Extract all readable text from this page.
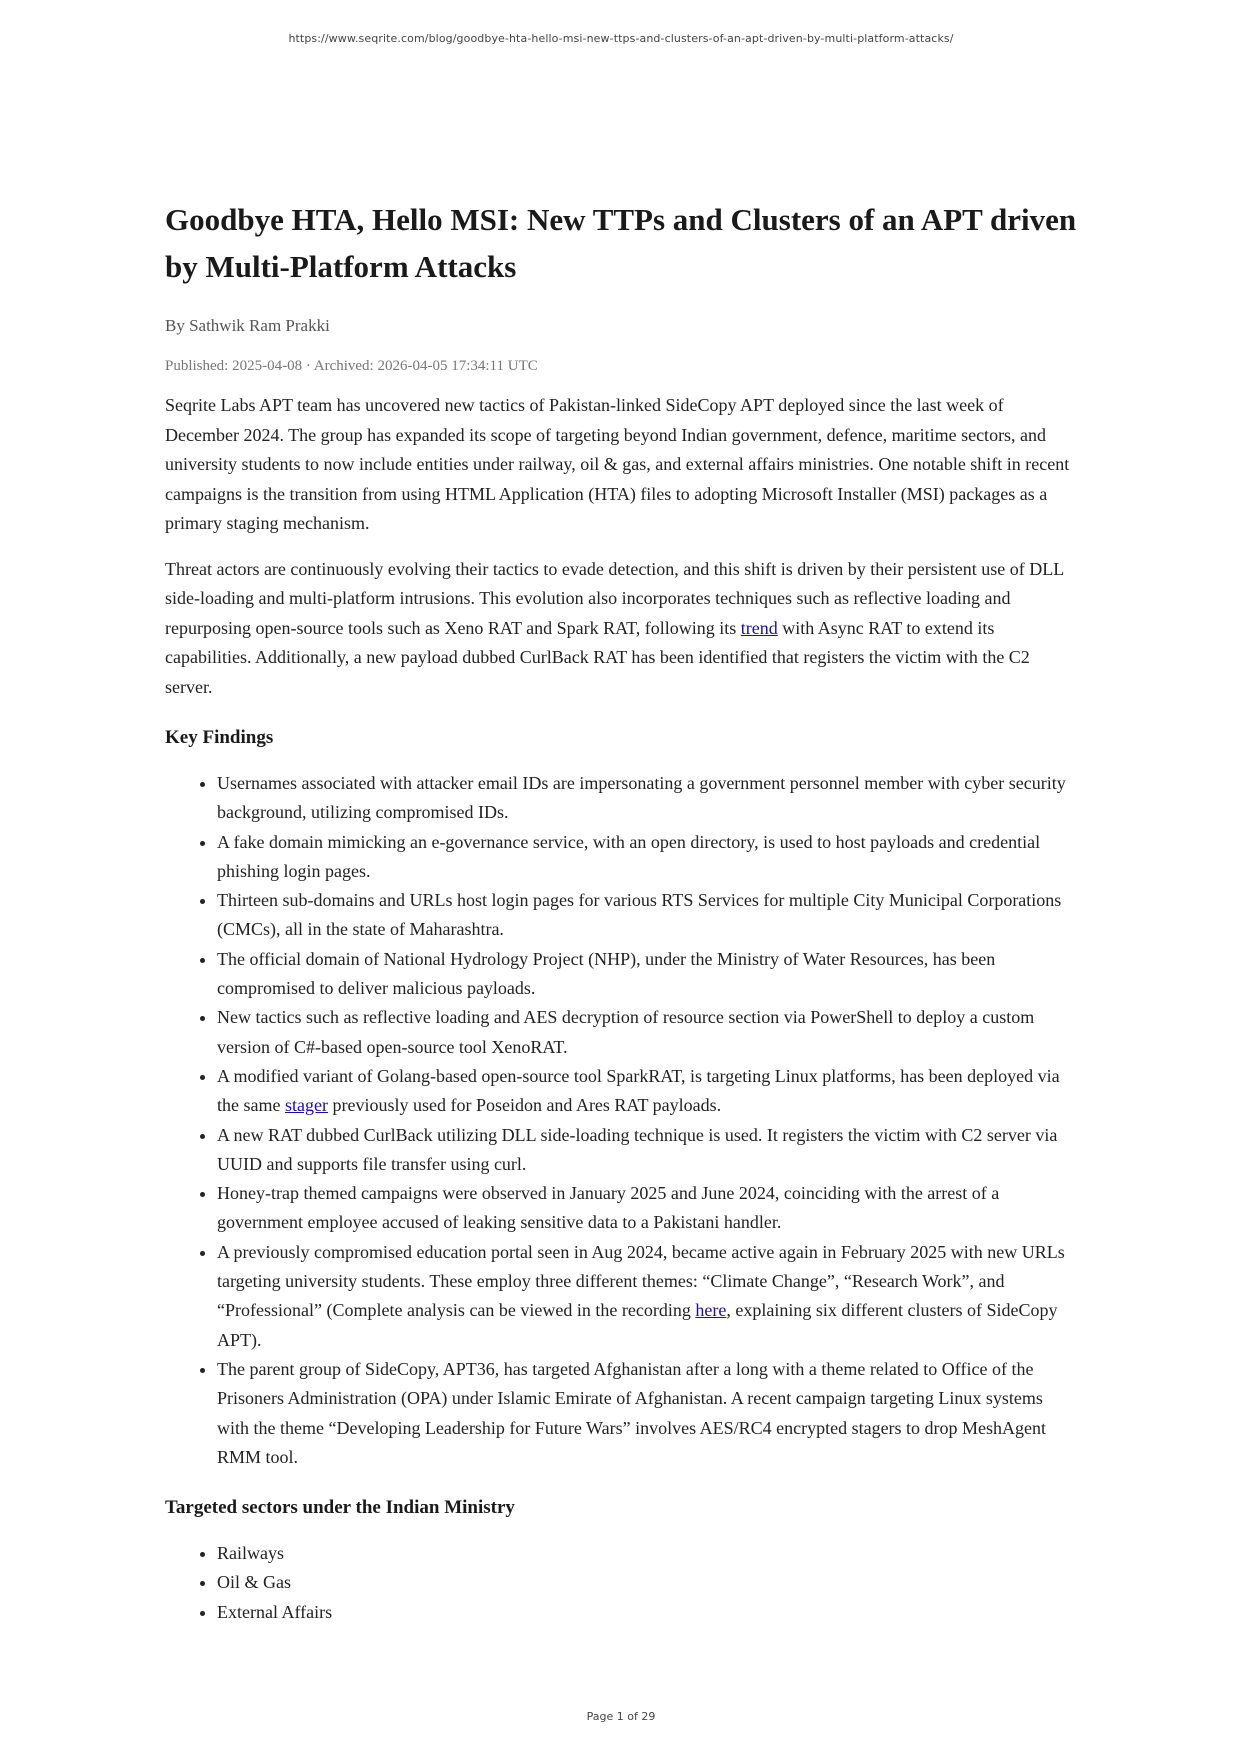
https://www.seqrite.com/blog/goodbye-hta-hello-msi-new-ttps-and-clusters-of-an-apt-driven-by-multi-platform-attacks/
Goodbye HTA, Hello MSI: New TTPs and Clusters of an APT driven by Multi-Platform Attacks
By Sathwik Ram Prakki
Published: 2025-04-08 · Archived: 2026-04-05 17:34:11 UTC

Seqrite Labs APT team has uncovered new tactics of Pakistan-linked SideCopy APT deployed since the last week of December 2024. The group has expanded its scope of targeting beyond Indian government, defence, maritime sectors, and university students to now include entities under railway, oil & gas, and external affairs ministries. One notable shift in recent campaigns is the transition from using HTML Application (HTA) files to adopting Microsoft Installer (MSI) packages as a primary staging mechanism.

Threat actors are continuously evolving their tactics to evade detection, and this shift is driven by their persistent use of DLL side-loading and multi-platform intrusions. This evolution also incorporates techniques such as reflective loading and repurposing open-source tools such as Xeno RAT and Spark RAT, following its trend with Async RAT to extend its capabilities. Additionally, a new payload dubbed CurlBack RAT has been identified that registers the victim with the C2 server.

Key Findings
• Usernames associated with attacker email IDs are impersonating a government personnel member with cyber security background, utilizing compromised IDs.
• A fake domain mimicking an e-governance service, with an open directory, is used to host payloads and credential phishing login pages.
• Thirteen sub-domains and URLs host login pages for various RTS Services for multiple City Municipal Corporations (CMCs), all in the state of Maharashtra.
• The official domain of National Hydrology Project (NHP), under the Ministry of Water Resources, has been compromised to deliver malicious payloads.
• New tactics such as reflective loading and AES decryption of resource section via PowerShell to deploy a custom version of C#-based open-source tool XenoRAT.
• A modified variant of Golang-based open-source tool SparkRAT, is targeting Linux platforms, has been deployed via the same stager previously used for Poseidon and Ares RAT payloads.
• A new RAT dubbed CurlBack utilizing DLL side-loading technique is used. It registers the victim with C2 server via UUID and supports file transfer using curl.
• Honey-trap themed campaigns were observed in January 2025 and June 2024, coinciding with the arrest of a government employee accused of leaking sensitive data to a Pakistani handler.
• A previously compromised education portal seen in Aug 2024, became active again in February 2025 with new URLs targeting university students. These employ three different themes: “Climate Change”, “Research Work”, and “Professional” (Complete analysis can be viewed in the recording here, explaining six different clusters of SideCopy APT).
• The parent group of SideCopy, APT36, has targeted Afghanistan after a long with a theme related to Office of the Prisoners Administration (OPA) under Islamic Emirate of Afghanistan. A recent campaign targeting Linux systems with the theme “Developing Leadership for Future Wars” involves AES/RC4 encrypted stagers to drop MeshAgent RMM tool.
Targeted sectors under the Indian Ministry
• Railways
• Oil & Gas
• External Affairs
Page 1 of 29
